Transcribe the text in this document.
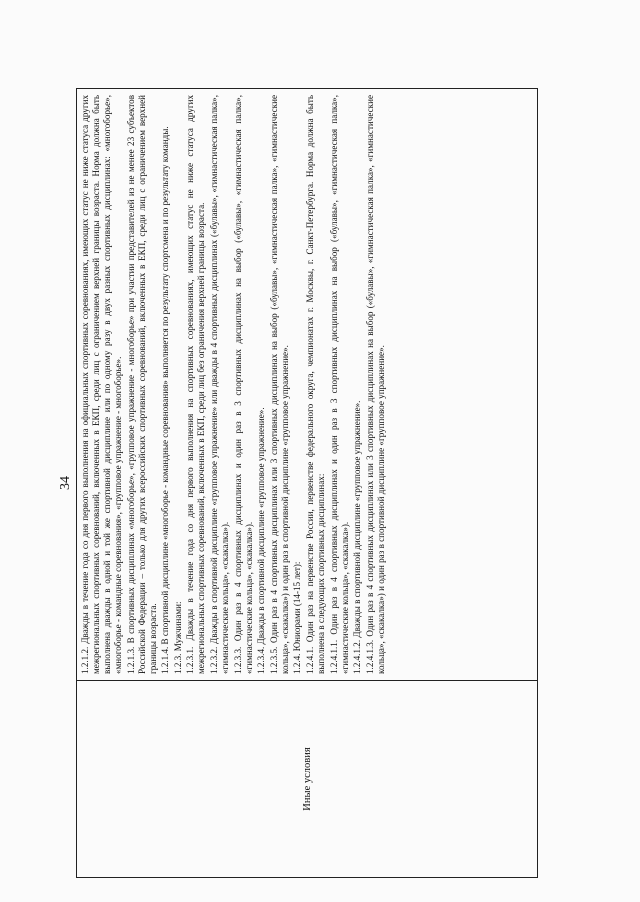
34
Иные условия

1.2.1.2. Дважды в течение года со дня первого выполнения на официальных спортивных соревнованиях, имеющих статус не ниже статуса других межрегиональных спортивных соревнований, включенных в ЕКП, среди лиц с ограничением верхней границы возраста. Норма должна быть выполнена дважды в одной и той же спортивной дисциплине или по одному разу в двух разных спортивных дисциплинах: «многоборье», «многоборье - командные соревнования», «групповое упражнение - многоборье». 1.2.1.3. В спортивных дисциплинах «многоборье», «групповое упражнение - многоборье» при участии представителей из не менее 23 субъектов Российской Федерации – только для других всероссийских спортивных соревнований, включенных в ЕКП, среди лиц с ограничением верхней границы возраста. 1.2.1.4. В спортивной дисциплине «многоборье - командные соревнования» выполняется по результату спортсмена и по результату команды. 1.2.3. Мужчинами: 1.2.3.1. Дважды в течение года со дня первого выполнения на спортивных соревнованиях, имеющих статус не ниже статуса других межрегиональных спортивных соревнований, включенных в ЕКП, среди лиц без ограничения верхней границы возраста. 1.2.3.2. Дважды в спортивной дисциплине «групповое упражнение» или дважды в 4 спортивных дисциплинах («булавы», «гимнастическая палка», «гимнастические кольца», «скакалка»). 1.2.3.3. Один раз в 4 спортивных дисциплинах и один раз в 3 спортивных дисциплинах на выбор («булавы», «гимнастическая палка», «гимнастические кольца», «скакалка»). 1.2.3.4. Дважды в спортивной дисциплине «групповое упражнение». 1.2.3.5. Один раз в 4 спортивных дисциплинах или 3 спортивных дисциплинах на выбор («булавы», «гимнастическая палка», «гимнастические кольца», «скакалка») и один раз в спортивной дисциплине «групповое упражнение». 1.2.4. Юниорами (14-15 лет): 1.2.4.1. Один раз на первенстве России, первенстве федерального округа, чемпионатах г. Москвы, г. Санкт-Петербурга. Норма должна быть выполнена в следующих спортивных дисциплинах: 1.2.4.1.1. Один раз в 4 спортивных дисциплинах и один раз в 3 спортивных дисциплинах на выбор («булавы», «гимнастическая палка», «гимнастические кольца», «скакалка»). 1.2.4.1.2. Дважды в спортивной дисциплине «групповое упражнение». 1.2.4.1.3. Один раз в 4 спортивных дисциплинах или 3 спортивных дисциплинах на выбор («булавы», «гимнастическая палка», «гимнастические кольца», «скакалка») и один раз в спортивной дисциплине «групповое упражнение».
